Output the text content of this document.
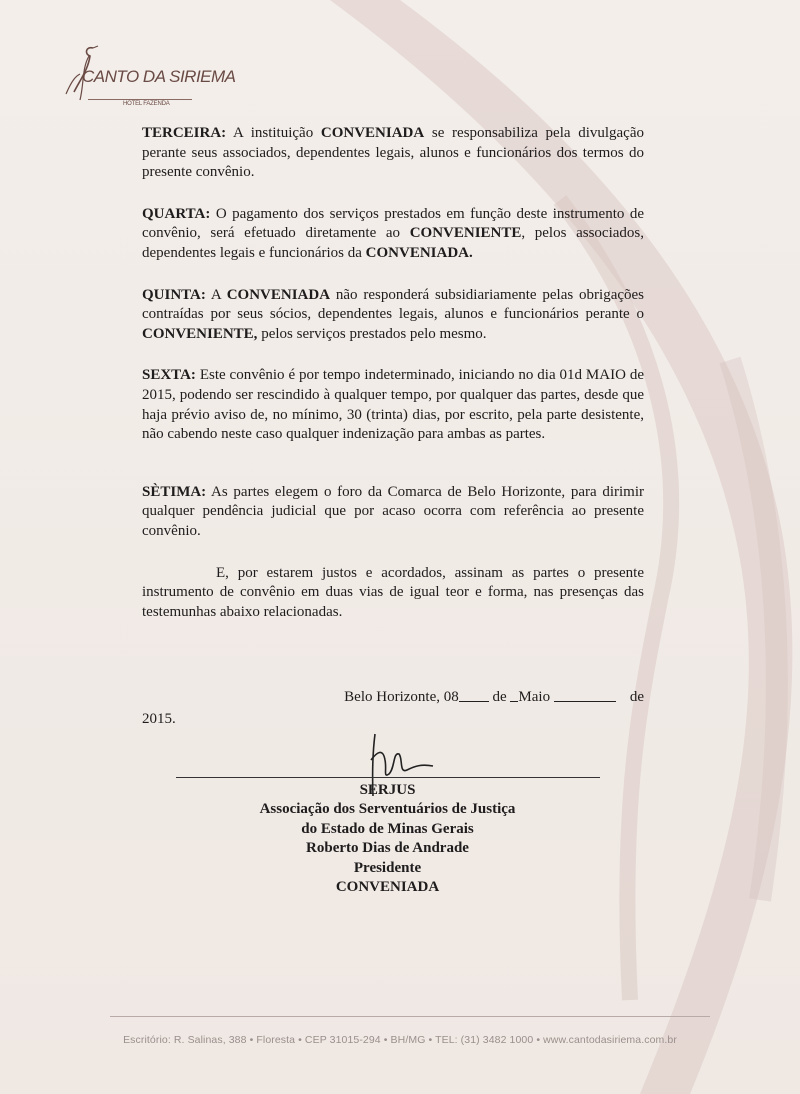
CANTO DA SIRIEMA
HOTEL FAZENDA

TERCEIRA: A instituição CONVENIADA se responsabiliza pela divulgação perante seus associados, dependentes legais, alunos e funcionários dos termos do presente convênio.

QUARTA: O pagamento dos serviços prestados em função deste instrumento de convênio, será efetuado diretamente ao CONVENIENTE, pelos associados, dependentes legais e funcionários da CONVENIADA.

QUINTA: A CONVENIADA não responderá subsidiariamente pelas obrigações contraídas por seus sócios, dependentes legais, alunos e funcionários perante o CONVENIENTE, pelos serviços prestados pelo mesmo.

SEXTA: Este convênio é por tempo indeterminado, iniciando no dia 01d MAIO de 2015, podendo ser rescindido à qualquer tempo, por qualquer das partes, desde que haja prévio aviso de, no mínimo, 30 (trinta) dias, por escrito, pela parte desistente, não cabendo neste caso qualquer indenização para ambas as partes.

SÈTIMA: As partes elegem o foro da Comarca de Belo Horizonte, para dirimir qualquer pendência judicial que por acaso ocorra com referência ao presente convênio.

E, por estarem justos e acordados, assinam as partes o presente instrumento de convênio em duas vias de igual teor e forma, nas presenças das testemunhas abaixo relacionadas.

Belo Horizonte, 08
de
Maio
	de
2015.
SERJUS
Associação dos Serventuários de Justiça
do Estado de Minas Gerais
Roberto Dias de Andrade
Presidente
CONVENIADA
Escritório: R. Salinas, 388 • Floresta • CEP 31015-294 • BH/MG • TEL: (31) 3482 1000 • www.cantodasiriema.com.br
